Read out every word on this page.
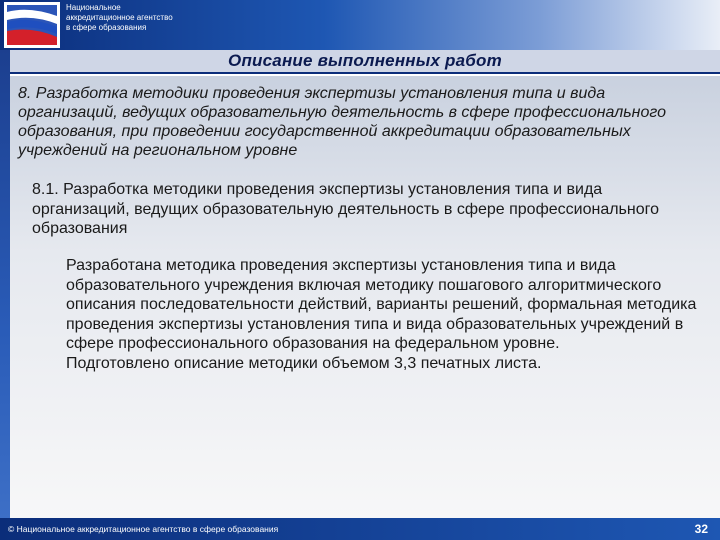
Национальное
аккредитационное агентство
в сфере образования
Описание выполненных работ

8. Разработка методики проведения экспертизы установления типа и вида организаций, ведущих образовательную деятельность в сфере профессионального образования, при проведении государственной аккредитации образовательных учреждений на региональном уровне

8.1. Разработка методики проведения экспертизы установления типа и вида организаций, ведущих образовательную деятельность в сфере профессионального образования

Разработана методика проведения экспертизы установления типа и вида образовательного учреждения включая методику пошагового алгоритмического описания последовательности действий, варианты решений, формальная методика проведения экспертизы установления типа и вида образовательных учреждений в сфере профессионального образования на федеральном уровне.

Подготовлено описание методики объемом 3,3 печатных листа.

© Национальное аккредитационное агентство в сфере образования	32
